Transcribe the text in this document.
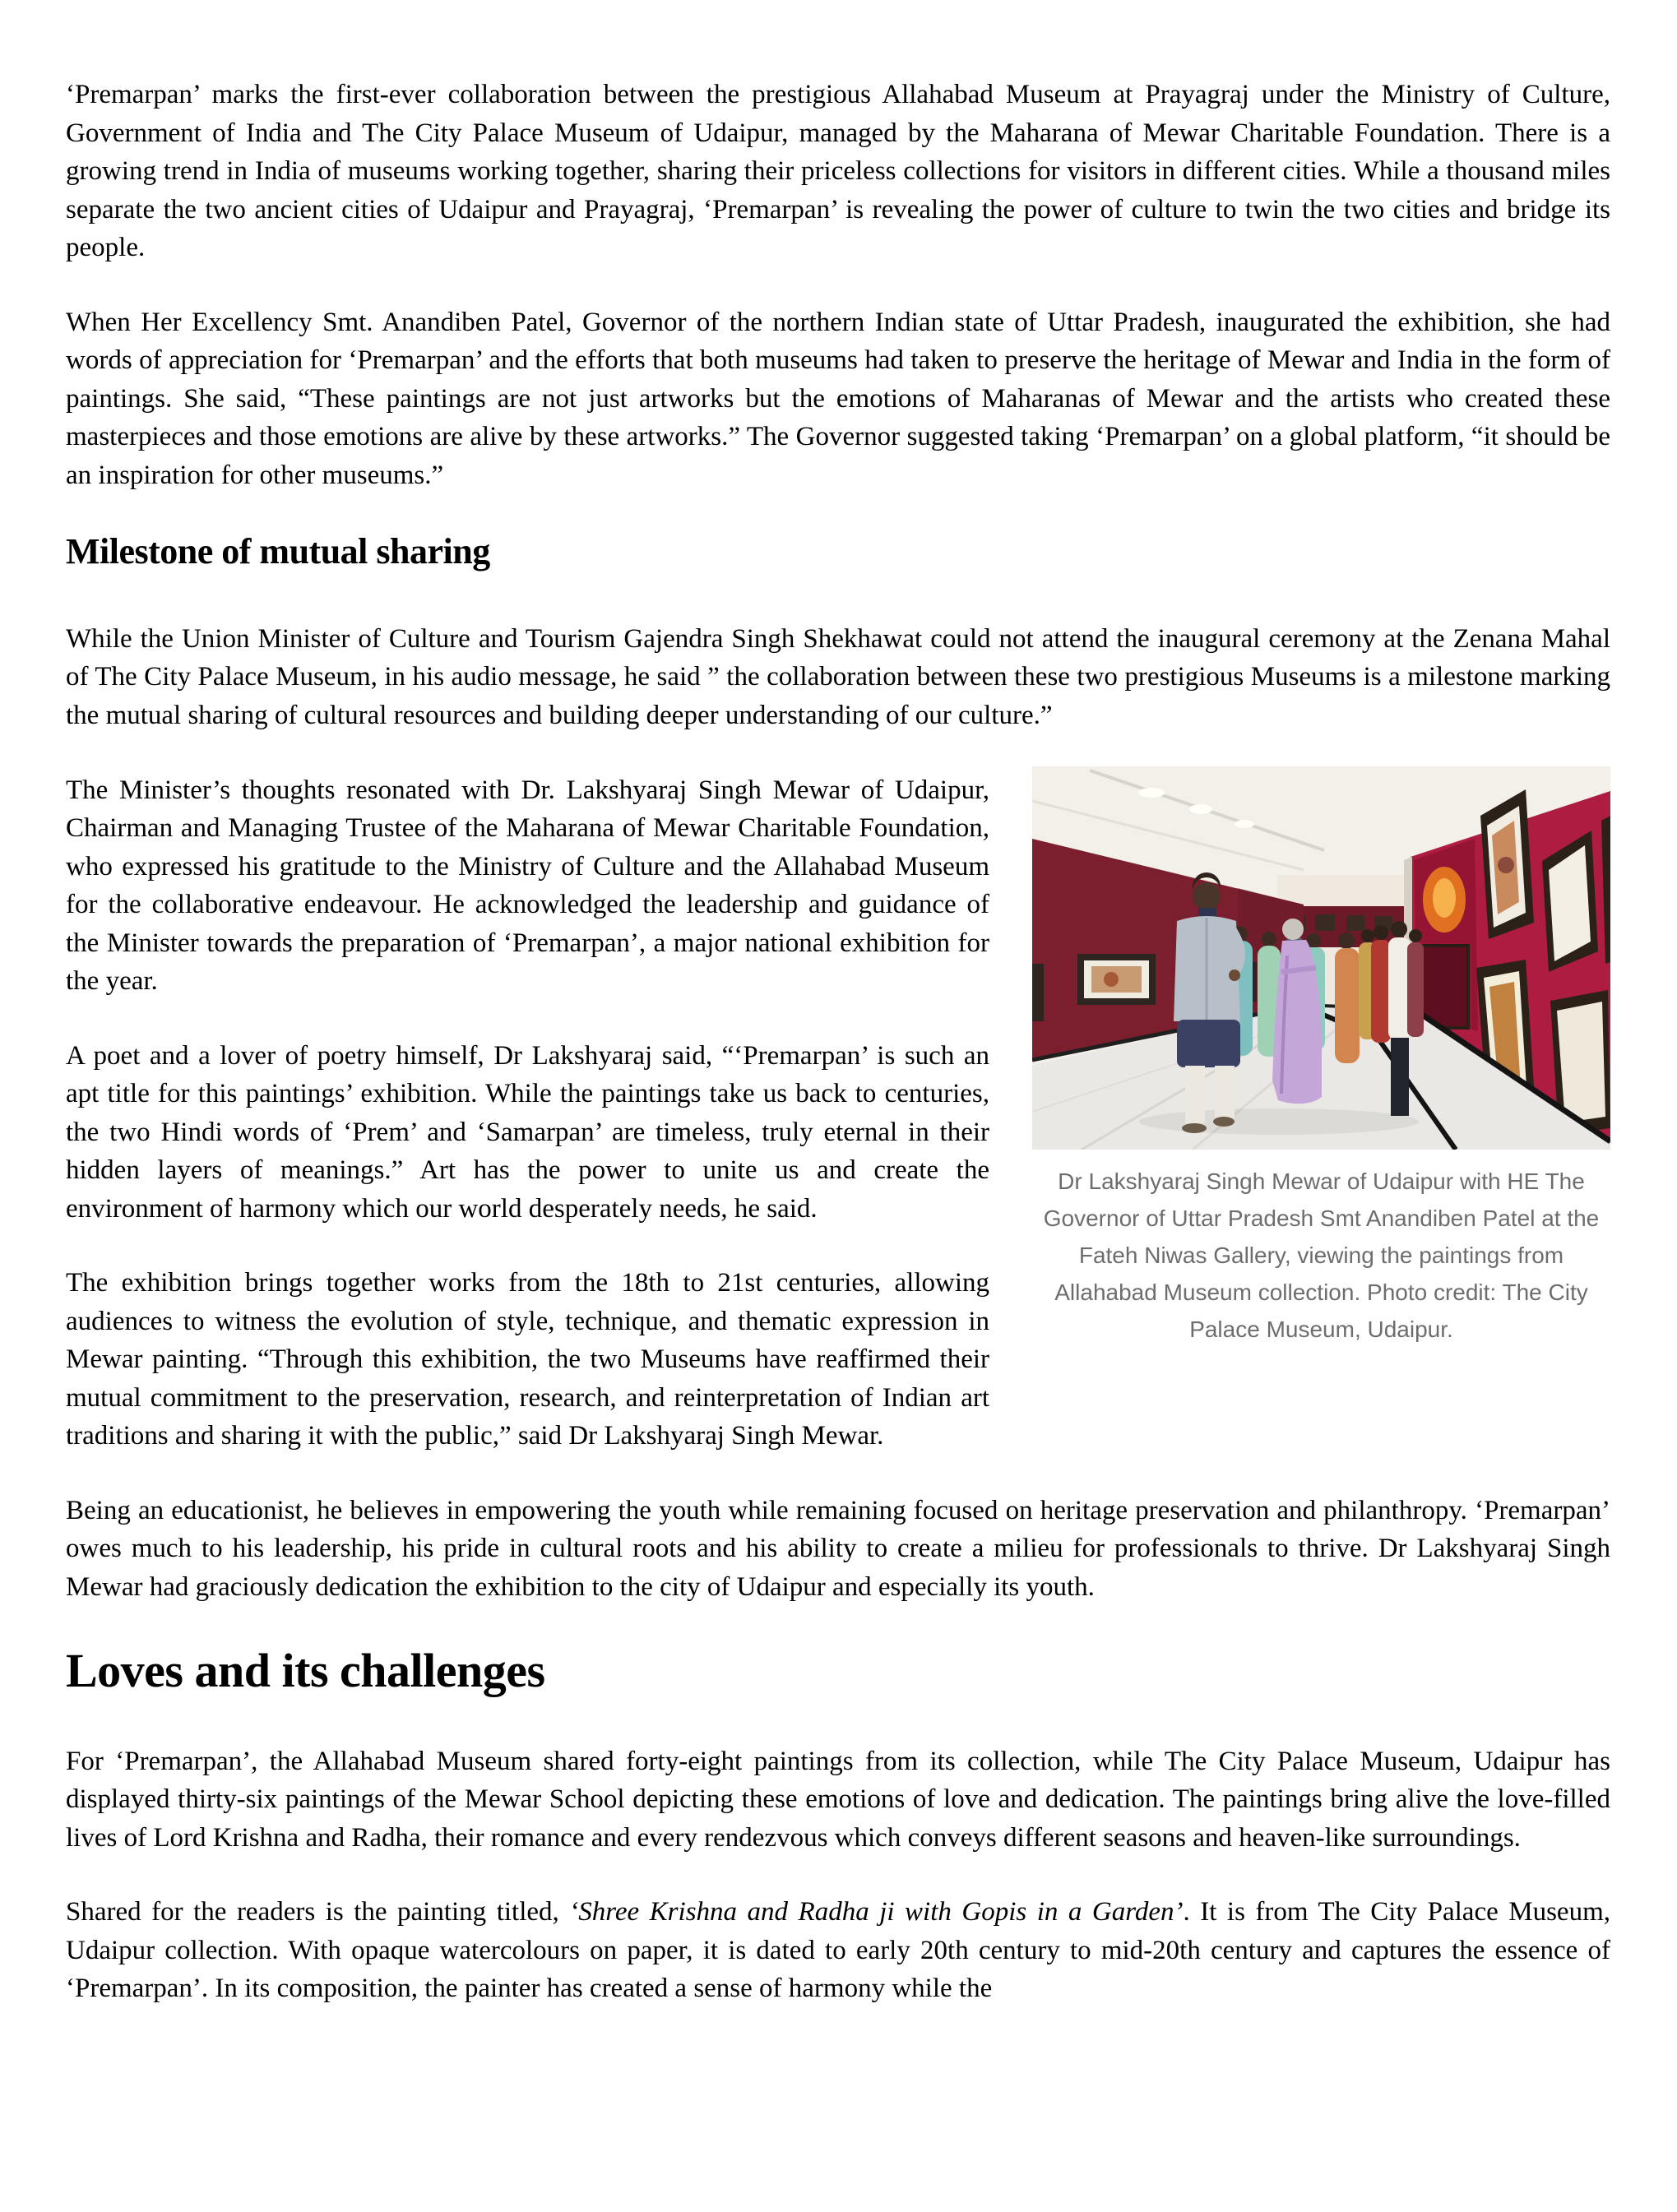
‘Premarpan’ marks the first-ever collaboration between the prestigious Allahabad Museum at Prayagraj under the Ministry of Culture, Government of India and The City Palace Museum of Udaipur, managed by the Maharana of Mewar Charitable Foundation. There is a growing trend in India of museums working together, sharing their priceless collections for visitors in different cities. While a thousand miles separate the two ancient cities of Udaipur and Prayagraj, ‘Premarpan’ is revealing the power of culture to twin the two cities and bridge its people.

When Her Excellency Smt. Anandiben Patel, Governor of the northern Indian state of Uttar Pradesh, inaugurated the exhibition, she had words of appreciation for ‘Premarpan’ and the efforts that both museums had taken to preserve the heritage of Mewar and India in the form of paintings. She said, “These paintings are not just artworks but the emotions of Maharanas of Mewar and the artists who created these masterpieces and those emotions are alive by these artworks.” The Governor suggested taking ‘Premarpan’ on a global platform, “it should be an inspiration for other museums.”

Milestone of mutual sharing

While the Union Minister of Culture and Tourism Gajendra Singh Shekhawat could not attend the inaugural ceremony at the Zenana Mahal of The City Palace Museum, in his audio message, he said ” the collaboration between these two prestigious Museums is a milestone marking the mutual sharing of cultural resources and building deeper understanding of our culture.”

Dr Lakshyaraj Singh Mewar of Udaipur with HE The Governor of Uttar Pradesh Smt Anandiben Patel at the Fateh Niwas Gallery, viewing the paintings from Allahabad Museum collection. Photo credit: The City Palace Museum, Udaipur.

The Minister’s thoughts resonated with Dr. Lakshyaraj Singh Mewar of Udaipur, Chairman and Managing Trustee of the Maharana of Mewar Charitable Foundation, who expressed his gratitude to the Ministry of Culture and the Allahabad Museum for the collaborative endeavour. He acknowledged the leadership and guidance of the Minister towards the preparation of ‘Premarpan’, a major national exhibition for the year.

A poet and a lover of poetry himself, Dr Lakshyaraj said, “‘Premarpan’ is such an apt title for this paintings’ exhibition. While the paintings take us back to centuries, the two Hindi words of ‘Prem’ and ‘Samarpan’ are timeless, truly eternal in their hidden layers of meanings.” Art has the power to unite us and create the environment of harmony which our world desperately needs, he said.

The exhibition brings together works from the 18th to 21st centuries, allowing audiences to witness the evolution of style, technique, and thematic expression in Mewar painting. “Through this exhibition, the two Museums have reaffirmed their mutual commitment to the preservation, research, and reinterpretation of Indian art traditions and sharing it with the public,” said Dr Lakshyaraj Singh Mewar.

Being an educationist, he believes in empowering the youth while remaining focused on heritage preservation and philanthropy. ‘Premarpan’ owes much to his leadership, his pride in cultural roots and his ability to create a milieu for professionals to thrive. Dr Lakshyaraj Singh Mewar had graciously dedication the exhibition to the city of Udaipur and especially its youth.

Loves and its challenges

For ‘Premarpan’, the Allahabad Museum shared forty-eight paintings from its collection, while The City Palace Museum, Udaipur has displayed thirty-six paintings of the Mewar School depicting these emotions of love and dedication. The paintings bring alive the love-filled lives of Lord Krishna and Radha, their romance and every rendezvous which conveys different seasons and heaven-like surroundings.

Shared for the readers is the painting titled, ‘Shree Krishna and Radha ji with Gopis in a Garden’. It is from The City Palace Museum, Udaipur collection. With opaque watercolours on paper, it is dated to early 20th century to mid-20th century and captures the essence of ‘Premarpan’. In its composition, the painter has created a sense of harmony while the
